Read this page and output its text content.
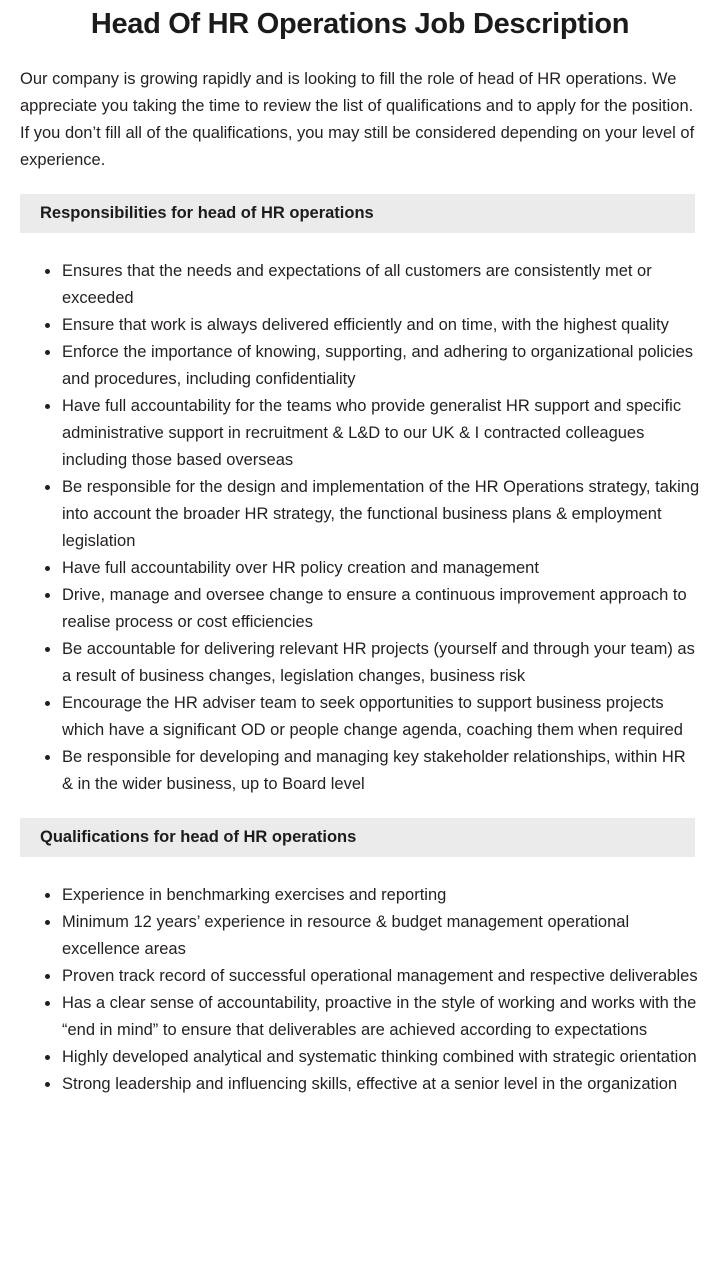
Head Of HR Operations Job Description

Our company is growing rapidly and is looking to fill the role of head of HR operations. We appreciate you taking the time to review the list of qualifications and to apply for the position. If you don’t fill all of the qualifications, you may still be considered depending on your level of experience.

Responsibilities for head of HR operations
Ensures that the needs and expectations of all customers are consistently met or exceeded
Ensure that work is always delivered efficiently and on time, with the highest quality
Enforce the importance of knowing, supporting, and adhering to organizational policies and procedures, including confidentiality
Have full accountability for the teams who provide generalist HR support and specific administrative support in recruitment & L&D to our UK & I contracted colleagues including those based overseas
Be responsible for the design and implementation of the HR Operations strategy, taking into account the broader HR strategy, the functional business plans & employment legislation
Have full accountability over HR policy creation and management
Drive, manage and oversee change to ensure a continuous improvement approach to realise process or cost efficiencies
Be accountable for delivering relevant HR projects (yourself and through your team) as a result of business changes, legislation changes, business risk
Encourage the HR adviser team to seek opportunities to support business projects which have a significant OD or people change agenda, coaching them when required
Be responsible for developing and managing key stakeholder relationships, within HR & in the wider business, up to Board level
Qualifications for head of HR operations
Experience in benchmarking exercises and reporting
Minimum 12 years’ experience in resource & budget management operational excellence areas
Proven track record of successful operational management and respective deliverables
Has a clear sense of accountability, proactive in the style of working and works with the “end in mind” to ensure that deliverables are achieved according to expectations
Highly developed analytical and systematic thinking combined with strategic orientation
Strong leadership and influencing skills, effective at a senior level in the organization
